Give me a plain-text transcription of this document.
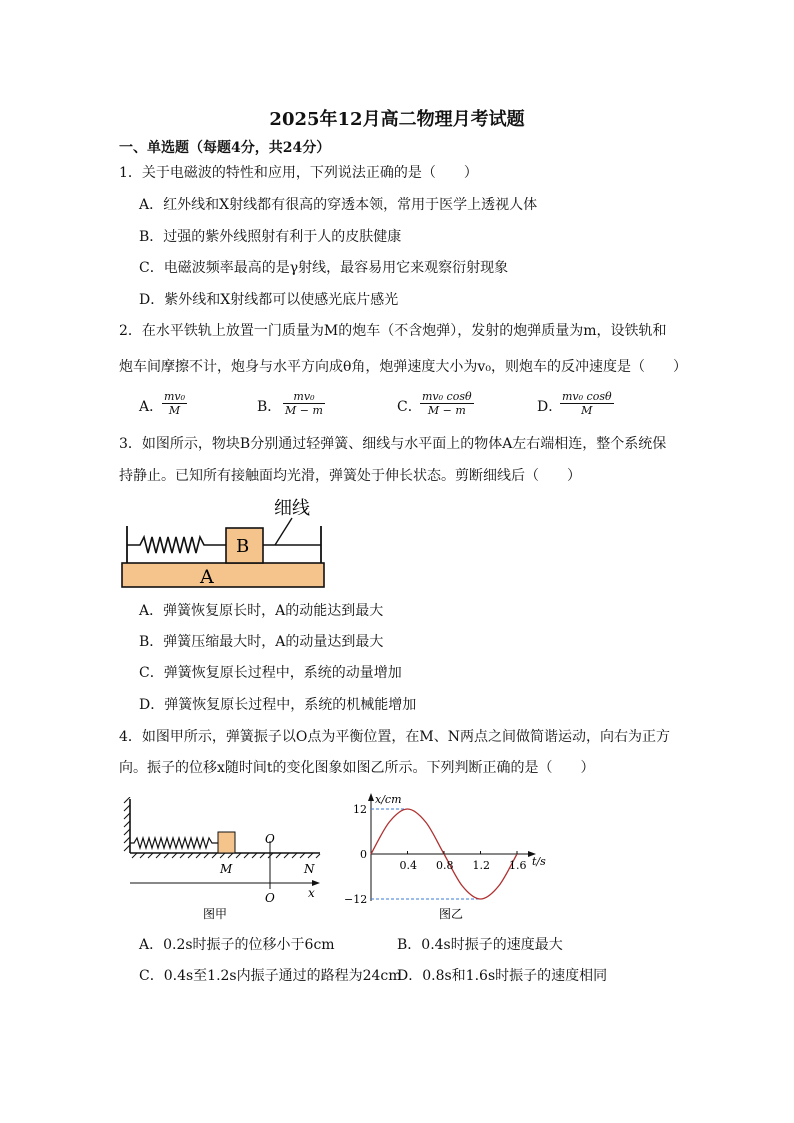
2025年12月高二物理月考试题
一、单选题（每题4分，共24分）
1．关于电磁波的特性和应用，下列说法正确的是（　　）
A．红外线和X射线都有很高的穿透本领，常用于医学上透视人体
B．过强的紫外线照射有利于人的皮肤健康
C．电磁波频率最高的是γ射线，最容易用它来观察衍射现象
D．紫外线和X射线都可以使感光底片感光
2．在水平铁轨上放置一门质量为M的炮车（不含炮弹），发射的炮弹质量为m，设铁轨和
炮车间摩擦不计，炮身与水平方向成θ角，炮弹速度大小为v₀，则炮车的反冲速度是（　　）
A．
$\frac{\text{mv₀}}{M}$	B． $\frac{\text{mv₀}}{M - m}$	C．
$\frac{\text{mv₀ cosθ}}{M - m}$	D．
$\frac{\text{mv₀ cosθ}}{M}$
3．如图所示，物块B分别通过轻弹簧、细线与水平面上的物体A左右端相连，整个系统保
持静止。已知所有接触面均光滑，弹簧处于伸长状态。剪断细线后（　　）
A
B
细线
A．弹簧恢复原长时，A的动能达到最大
B．弹簧压缩最大时，A的动量达到最大
C．弹簧恢复原长过程中，系统的动量增加
D．弹簧恢复原长过程中，系统的机械能增加
4．如图甲所示，弹簧振子以O点为平衡位置，在M、N两点之间做简谐运动，向右为正方
向。振子的位移x随时间t的变化图象如图乙所示。下列判断正确的是（　　）
O
M	N
O	x
图甲
x/cm
t/s
0
0.4 0.8 1.2 1.6
12
−12
图乙
A．0.2s时振子的位移小于6cm	B．0.4s时振子的速度最大
C．0.4s至1.2s内振子通过的路程为24cm
D．0.8s和1.6s时振子的速度相同
